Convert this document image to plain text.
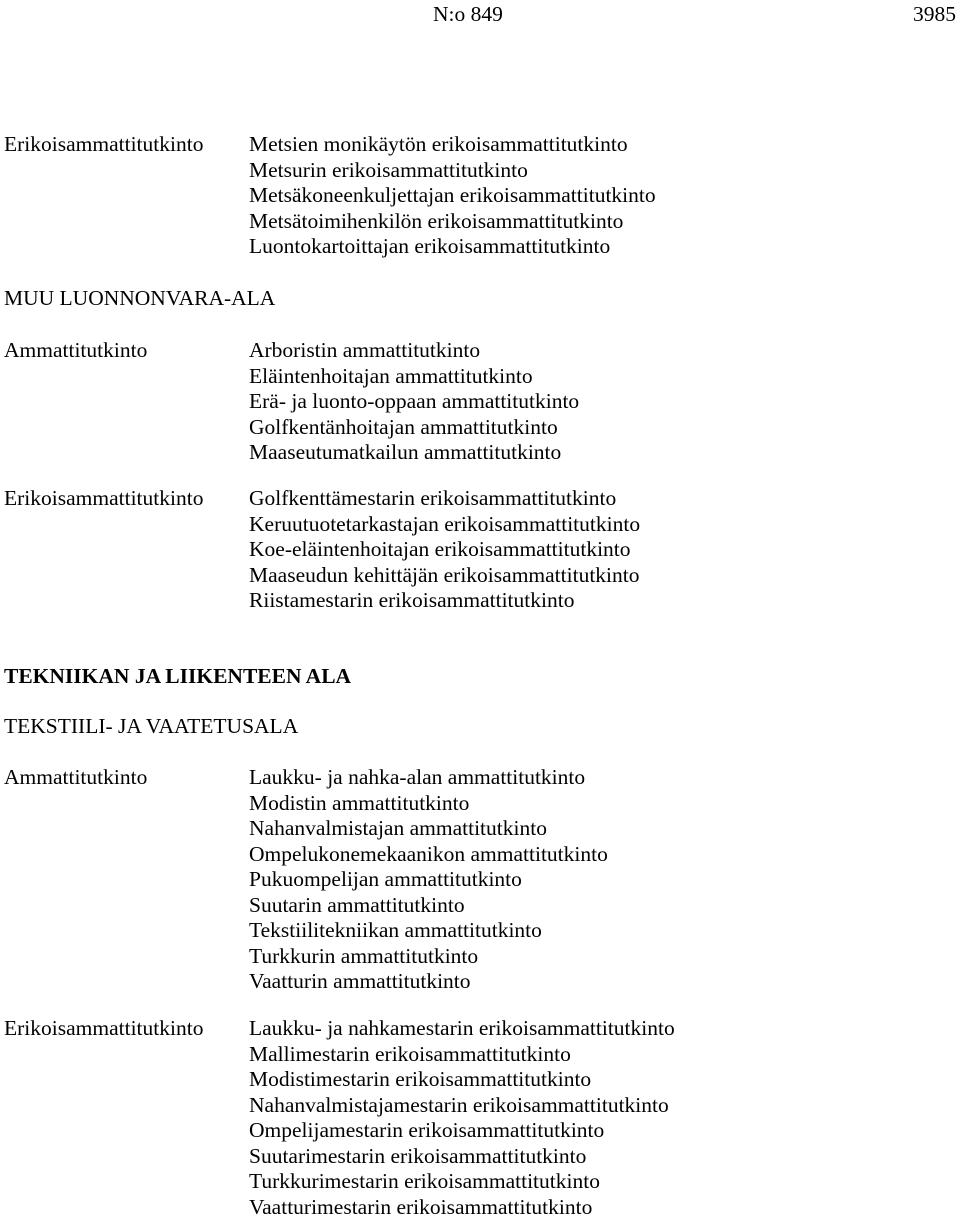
N:o 849	3985
Erikoisammattitutkinto Metsien monikäytön erikoisammattitutkinto
Metsurin erikoisammattitutkinto
Metsäkoneenkuljettajan erikoisammattitutkinto
Metsätoimihenkilön erikoisammattitutkinto
Luontokartoittajan erikoisammattitutkinto
MUU LUONNONVARA-ALA
Ammattitutkinto	Arboristin ammattitutkinto
Eläintenhoitajan ammattitutkinto
Erä- ja luonto-oppaan ammattitutkinto
Golfkentänhoitajan ammattitutkinto
Maaseutumatkailun ammattitutkinto
Erikoisammattitutkinto Golfkenttämestarin erikoisammattitutkinto
Keruutuotetarkastajan erikoisammattitutkinto
Koe-eläintenhoitajan erikoisammattitutkinto
Maaseudun kehittäjän erikoisammattitutkinto
Riistamestarin erikoisammattitutkinto
TEKNIIKAN JA LIIKENTEEN ALA
TEKSTIILI- JA VAATETUSALA
Ammattitutkinto	Laukku- ja nahka-alan ammattitutkinto
Modistin ammattitutkinto
Nahanvalmistajan ammattitutkinto
Ompelukonemekaanikon ammattitutkinto
Pukuompelijan ammattitutkinto
Suutarin ammattitutkinto
Tekstiilitekniikan ammattitutkinto
Turkkurin ammattitutkinto
Vaatturin ammattitutkinto
Erikoisammattitutkinto Laukku- ja nahkamestarin erikoisammattitutkinto
Mallimestarin erikoisammattitutkinto
Modistimestarin erikoisammattitutkinto
Nahanvalmistajamestarin erikoisammattitutkinto
Ompelijamestarin erikoisammattitutkinto
Suutarimestarin erikoisammattitutkinto
Turkkurimestarin erikoisammattitutkinto
Vaatturimestarin erikoisammattitutkinto
